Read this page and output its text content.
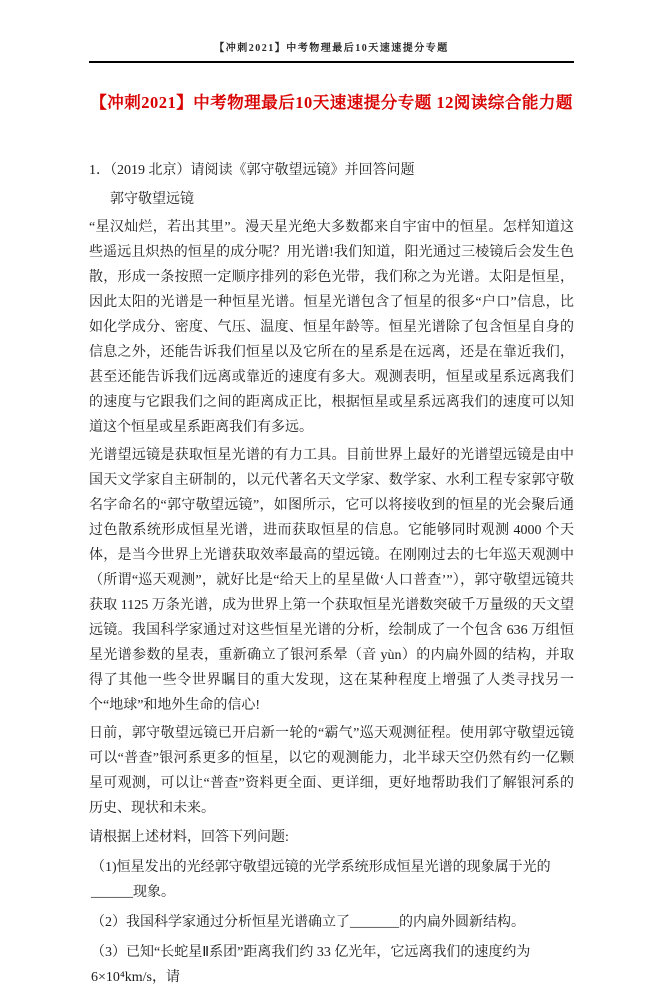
【冲刺2021】中考物理最后10天速速提分专题
【冲刺2021】中考物理最后10天速速提分专题 12阅读综合能力题
1．（2019 北京）请阅读《郭守敬望远镜》并回答问题
郭守敬望远镜
“星汉灿烂，若出其里”。漫天星光绝大多数都来自宇宙中的恒星。怎样知道这些遥远且炽热的恒星的成分呢？用光谱!我们知道，阳光通过三棱镜后会发生色散，形成一条按照一定顺序排列的彩色光带，我们称之为光谱。太阳是恒星，因此太阳的光谱是一种恒星光谱。恒星光谱包含了恒星的很多“户口”信息，比如化学成分、密度、气压、温度、恒星年龄等。恒星光谱除了包含恒星自身的信息之外，还能告诉我们恒星以及它所在的星系是在远离，还是在靠近我们，甚至还能告诉我们远离或靠近的速度有多大。观测表明，恒星或星系远离我们的速度与它跟我们之间的距离成正比，根据恒星或星系远离我们的速度可以知道这个恒星或星系距离我们有多远。
光谱望远镜是获取恒星光谱的有力工具。目前世界上最好的光谱望远镜是由中国天文学家自主研制的，以元代著名天文学家、数学家、水利工程专家郭守敬名字命名的“郭守敬望远镜”，如图所示，它可以将接收到的恒星的光会聚后通过色散系统形成恒星光谱，进而获取恒星的信息。它能够同时观测 4000 个天体，是当今世界上光谱获取效率最高的望远镜。在刚刚过去的七年巡天观测中（所谓“巡天观测”，就好比是“给天上的星星做‘人口普查’”），郭守敬望远镜共获取 1125 万条光谱，成为世界上第一个获取恒星光谱数突破千万量级的天文望远镜。我国科学家通过对这些恒星光谱的分析，绘制成了一个包含 636 万组恒星光谱参数的星表，重新确立了银河系晕（音 yùn）的内扁外圆的结构，并取得了其他一些令世界瞩目的重大发现，这在某种程度上增强了人类寻找另一个“地球”和地外生命的信心!
日前，郭守敬望远镜已开启新一轮的“霸气”巡天观测征程。使用郭守敬望远镜可以“普查”银河系更多的恒星，以它的观测能力，北半球天空仍然有约一亿颗星可观测，可以让“普查”资料更全面、更详细，更好地帮助我们了解银河系的历史、现状和未来。
请根据上述材料，回答下列问题:
（1)恒星发出的光经郭守敬望远镜的光学系统形成恒星光谱的现象属于光的______现象。
（2）我国科学家通过分析恒星光谱确立了_______的内扁外圆新结构。
（3）已知“长蛇星Ⅱ系团”距离我们约 33 亿光年，它远离我们的速度约为 6×10⁴km/s，请
